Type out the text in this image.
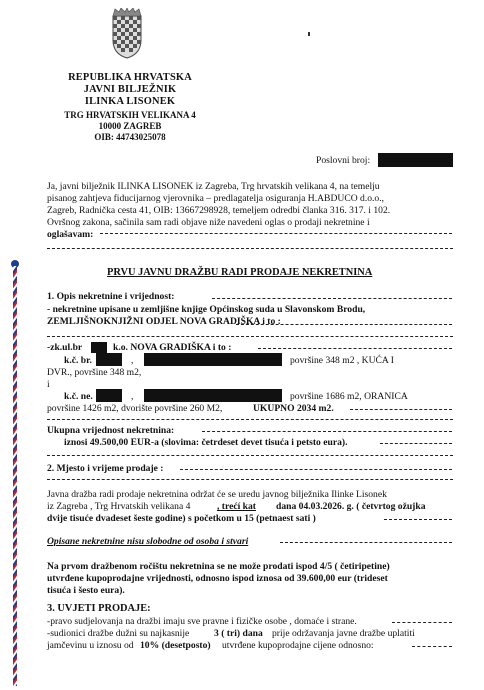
REPUBLIKA HRVATSKA
JAVNI BILJEŽNIK
ILINKA LISONEK
TRG HRVATSKIH VELIKANA 4
10000 ZAGREB
OIB: 44743025078
Poslovni broj:
Ja, javni bilježnik ILINKA LISONEK iz Zagreba, Trg hrvatskih velikana 4, na temelju
pisanog zahtjeva fiducijarnog vjerovnika – predlagatelja osiguranja H.ABDUCO d.o.o.,
Zagreb, Radnička cesta 41, OIB: 13667298928, temeljem odredbi članka 316. 317. i 102.
Ovršnog zakona, sačinila sam radi objave niže navedeni oglas o prodaji nekretnine i
oglašavam:
PRVU JAVNU DRAŽBU RADI PRODAJE NEKRETNINA
1. Opis nekretnine i vrijednost:
- nekretnine upisane u zemljišne knjige Općinskog suda u Slavonskom Brodu,
ZEMLJIŠNOKNJIŽNI ODJEL NOVA GRADIŠKA i to :
-zk.ul.br	k.o. NOVA GRADIŠKA i to :
k.č. br.	,	površine 348 m2 , KUĆA I
DVR., površine 348 m2,
i
k.č. ne.	,	površine 1686 m2, ORANICA
površine 1426 m2, dvorište površine 260 M2,	UKUPNO 2034 m2.
Ukupna vrijednost nekretnina:
iznosi 49.500,00 EUR-a (slovima: četrdeset devet tisuća i petsto eura).
2. Mjesto i vrijeme prodaje :
Javna dražba radi prodaje nekretnina održat će se uredu javnog bilježnika Ilinke Lisonek
iz Zagreba , Trg Hrvatskih velikana 4	, trećí kat dana 04.03.2026. g. ( četvrtog ožujka
dvije tisuće dvadeset šeste godine) s početkom u 15 (petnaest sati )
Opisane nekretnine nisu slobodne od osoba i stvari
Na prvom dražbenom ročištu nekretnina se ne može prodati ispod 4/5 ( četiripetine)
utvrđene kupoprodajne vrijednosti, odnosno ispod iznosa od 39.600,00 eur (trideset
tisuća i šesto eura).
3. UVJETI PRODAJE:
-pravo sudjelovanja na dražbi imaju sve pravne i fizičke osobe , domaće i strane.
-sudionici dražbe dužni su najkasnije	3 ( tri) dana prije održavanja javne dražbe uplatiti
jamčevinu u iznosu od 10% (desetposto) utvrđene kupoprodajne cijene odnosno:
